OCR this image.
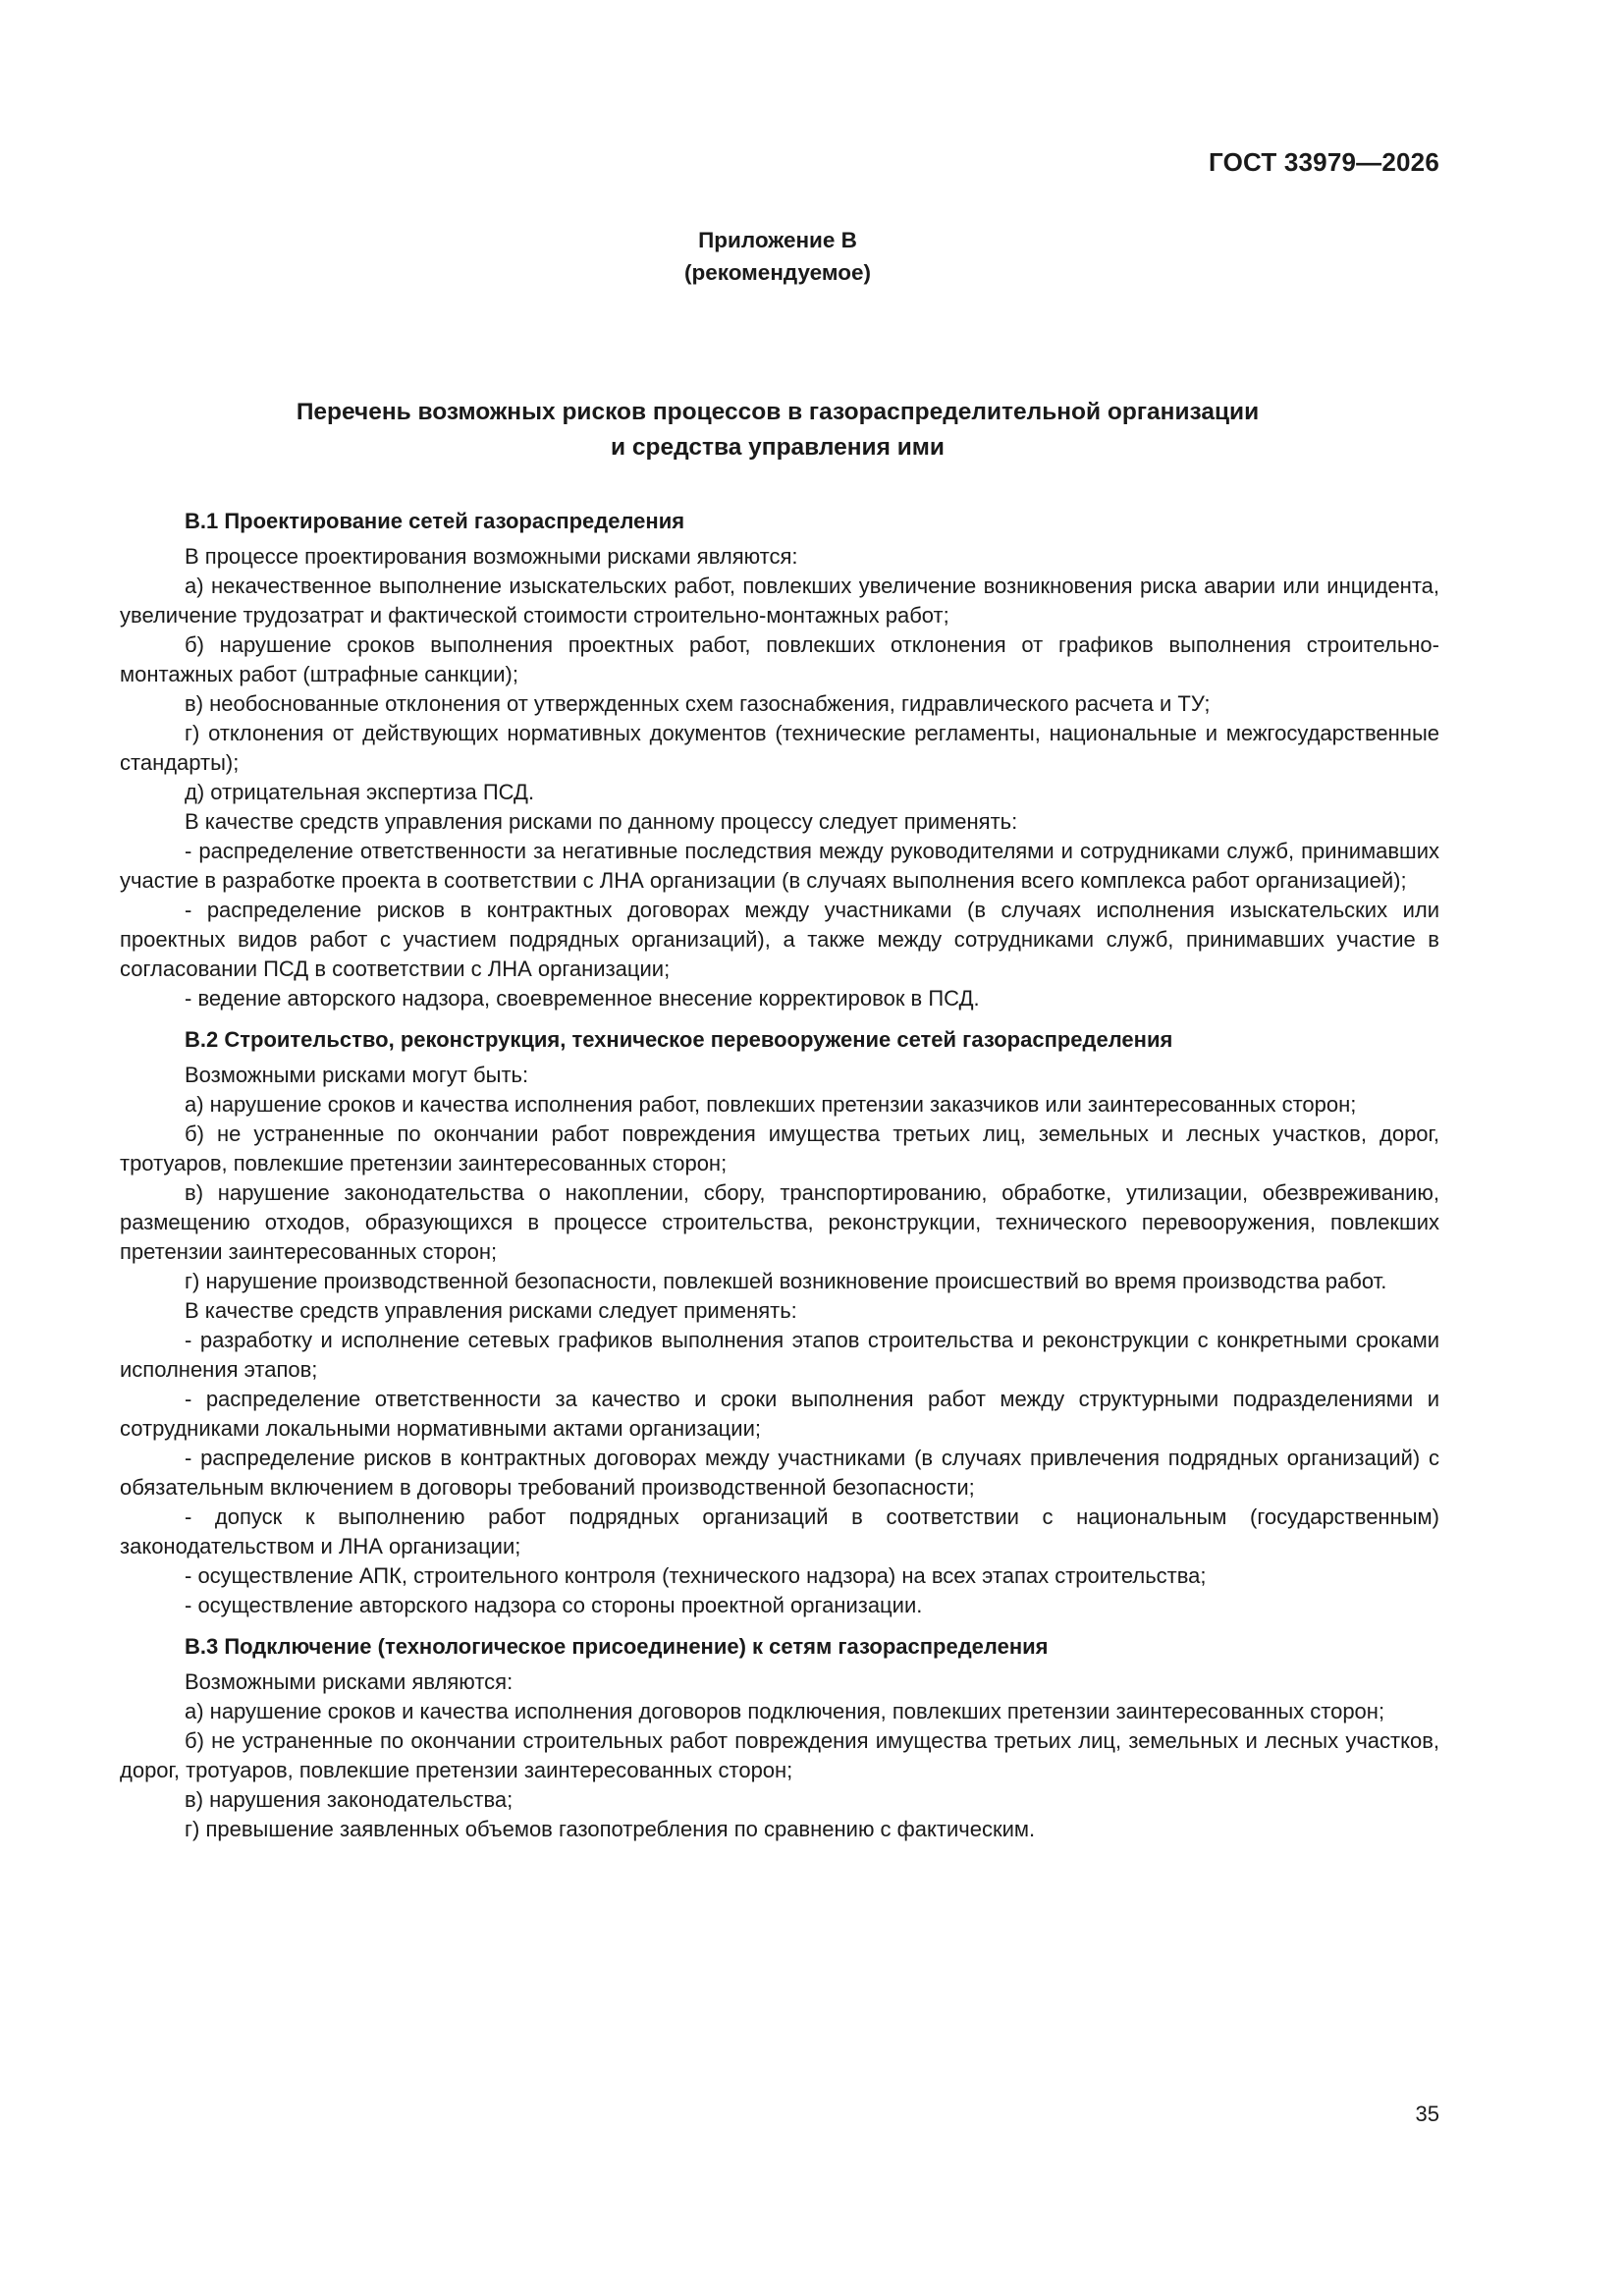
ГОСТ 33979—2026
Приложение В
(рекомендуемое)
Перечень возможных рисков процессов в газораспределительной организации
и средства управления ими
В.1 Проектирование сетей газораспределения

В процессе проектирования возможными рисками являются:

а) некачественное выполнение изыскательских работ, повлекших увеличение возникновения риска аварии или инцидента, увеличение трудозатрат и фактической стоимости строительно-монтажных работ;

б) нарушение сроков выполнения проектных работ, повлекших отклонения от графиков выполнения строительно-монтажных работ (штрафные санкции);

в) необоснованные отклонения от утвержденных схем газоснабжения, гидравлического расчета и ТУ;

г) отклонения от действующих нормативных документов (технические регламенты, национальные и межгосударственные стандарты);

д) отрицательная экспертиза ПСД.

В качестве средств управления рисками по данному процессу следует применять:

- распределение ответственности за негативные последствия между руководителями и сотрудниками служб, принимавших участие в разработке проекта в соответствии с ЛНА организации (в случаях выполнения всего комплекса работ организацией);

- распределение рисков в контрактных договорах между участниками (в случаях исполнения изыскательских или проектных видов работ с участием подрядных организаций), а также между сотрудниками служб, принимавших участие в согласовании ПСД в соответствии с ЛНА организации;

- ведение авторского надзора, своевременное внесение корректировок в ПСД.

В.2 Строительство, реконструкция, техническое перевооружение сетей газораспределения

Возможными рисками могут быть:

а) нарушение сроков и качества исполнения работ, повлекших претензии заказчиков или заинтересованных сторон;

б) не устраненные по окончании работ повреждения имущества третьих лиц, земельных и лесных участков, дорог, тротуаров, повлекшие претензии заинтересованных сторон;

в) нарушение законодательства о накоплении, сбору, транспортированию, обработке, утилизации, обезвреживанию, размещению отходов, образующихся в процессе строительства, реконструкции, технического перевооружения, повлекших претензии заинтересованных сторон;

г) нарушение производственной безопасности, повлекшей возникновение происшествий во время производства работ.

В качестве средств управления рисками следует применять:

- разработку и исполнение сетевых графиков выполнения этапов строительства и реконструкции с конкретными сроками исполнения этапов;

- распределение ответственности за качество и сроки выполнения работ между структурными подразделениями и сотрудниками локальными нормативными актами организации;

- распределение рисков в контрактных договорах между участниками (в случаях привлечения подрядных организаций) с обязательным включением в договоры требований производственной безопасности;

- допуск к выполнению работ подрядных организаций в соответствии с национальным (государственным) законодательством и ЛНА организации;

- осуществление АПК, строительного контроля (технического надзора) на всех этапах строительства;

- осуществление авторского надзора со стороны проектной организации.

В.3 Подключение (технологическое присоединение) к сетям газораспределения

Возможными рисками являются:

а) нарушение сроков и качества исполнения договоров подключения, повлекших претензии заинтересованных сторон;

б) не устраненные по окончании строительных работ повреждения имущества третьих лиц, земельных и лесных участков, дорог, тротуаров, повлекшие претензии заинтересованных сторон;

в) нарушения законодательства;

г) превышение заявленных объемов газопотребления по сравнению с фактическим.

35
